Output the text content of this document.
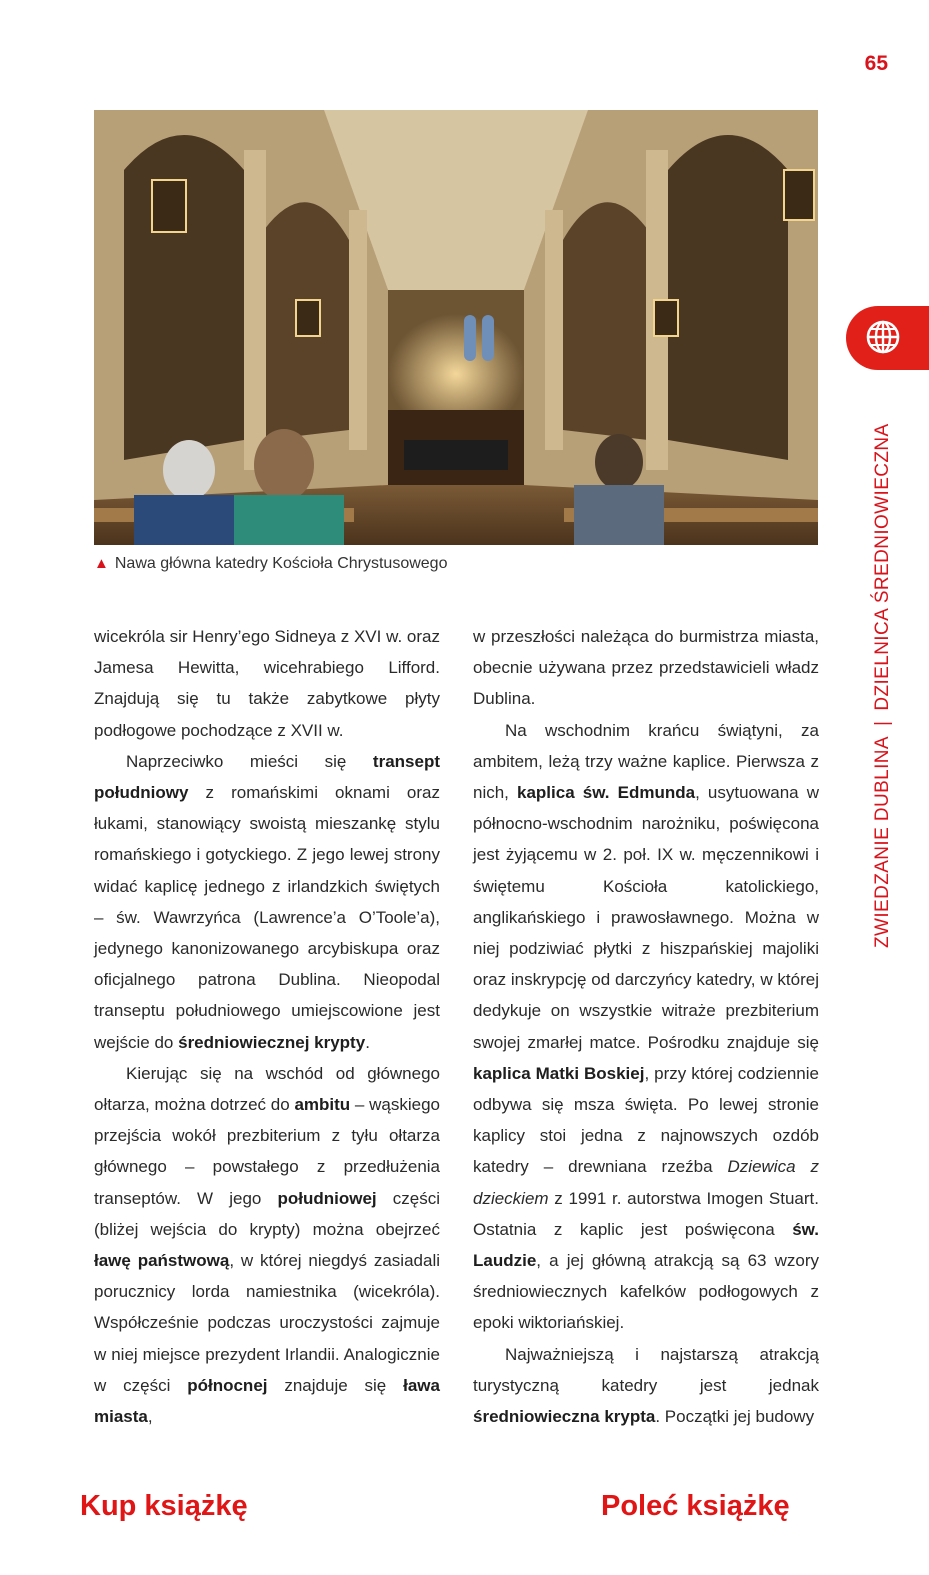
65
▲ Nawa główna katedry Kościoła Chrystusowego

wicekróla sir Henry’ego Sidneya z XVI w. oraz Jamesa Hewitta, wicehrabiego Lifford. Znajdują się tu także zabytkowe płyty podłogowe pochodzące z XVII w.

Naprzeciwko mieści się transept południowy z romańskimi oknami oraz łukami, stanowiący swoistą mieszankę stylu romańskiego i gotyckiego. Z jego lewej strony widać kaplicę jednego z irlandzkich świętych – św. Wawrzyńca (Lawrence’a O’Toole’a), jedynego kanonizowanego arcybiskupa oraz oficjalnego patrona Dublina. Nieopodal transeptu południowego umiejscowione jest wejście do średniowiecznej krypty.

Kierując się na wschód od głównego ołtarza, można dotrzeć do ambitu – wąskiego przejścia wokół prezbiterium z tyłu ołtarza głównego – powstałego z przedłużenia transeptów. W jego południowej części (bliżej wejścia do krypty) można obejrzeć ławę państwową, w której niegdyś zasiadali porucznicy lorda namiestnika (wicekróla). Współcześnie podczas uroczystości zajmuje w niej miejsce prezydent Irlandii. Analogicznie w części północnej znajduje się ława miasta,

w przeszłości należąca do burmistrza miasta, obecnie używana przez przedstawicieli władz Dublina.

Na wschodnim krańcu świątyni, za ambitem, leżą trzy ważne kaplice. Pierwsza z nich, kaplica św. Edmunda, usytuowana w północno-wschodnim narożniku, poświęcona jest żyjącemu w 2. poł. IX w. męczennikowi i świętemu Kościoła katolickiego, anglikańskiego i prawosławnego. Można w niej podziwiać płytki z hiszpańskiej majoliki oraz inskrypcję od darczyńcy katedry, w której dedykuje on wszystkie witraże prezbiterium swojej zmarłej matce. Pośrodku znajduje się kaplica Matki Boskiej, przy której codziennie odbywa się msza święta. Po lewej stronie kaplicy stoi jedna z najnowszych ozdób katedry – drewniana rzeźba Dziewica z dzieckiem z 1991 r. autorstwa Imogen Stuart. Ostatnia z kaplic jest poświęcona św. Laudzie, a jej główną atrakcją są 63 wzory średniowiecznych kafelków podłogowych z epoki wiktoriańskiej.

Najważniejszą i najstarszą atrakcją turystyczną katedry jest jednak średniowieczna krypta. Początki jej budowy

ZWIEDZANIE DUBLINA|DZIELNICA ŚREDNIOWIECZNA
Kup książkę	Poleć książkę
